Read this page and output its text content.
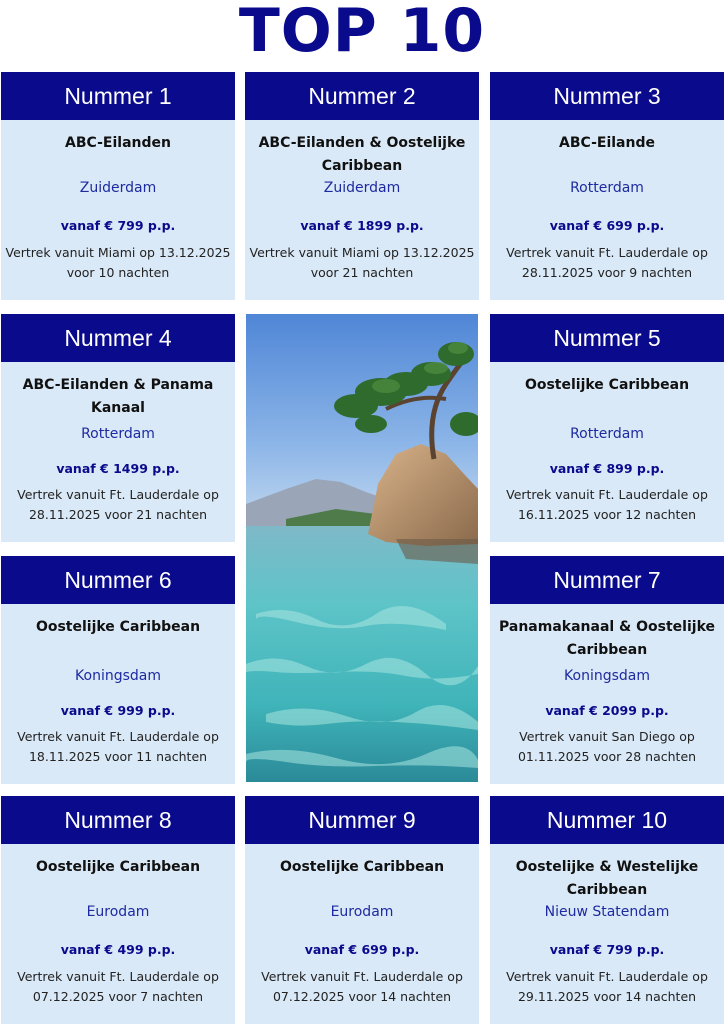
TOP 10
Nummer 1
ABC-Eilanden
Zuiderdam
vanaf € 799 p.p.
Vertrek vanuit Miami op 13.12.2025 voor 10 nachten
Nummer 2
ABC-Eilanden & Oostelijke Caribbean
Zuiderdam
vanaf € 1899 p.p.
Vertrek vanuit Miami op 13.12.2025 voor 21 nachten
Nummer 3
ABC-Eilande
Rotterdam
vanaf € 699 p.p.
Vertrek vanuit Ft. Lauderdale op 28.11.2025 voor 9 nachten
Nummer 4
ABC-Eilanden & Panama Kanaal
Rotterdam
vanaf € 1499 p.p.
Vertrek vanuit Ft. Lauderdale op 28.11.2025 voor 21 nachten
Nummer 5
Oostelijke Caribbean
Rotterdam
vanaf € 899 p.p.
Vertrek vanuit Ft. Lauderdale op 16.11.2025 voor 12 nachten
Nummer 6
Oostelijke Caribbean
Koningsdam
vanaf € 999 p.p.
Vertrek vanuit Ft. Lauderdale op 18.11.2025 voor 11 nachten
Nummer 7
Panamakanaal & Oostelijke Caribbean
Koningsdam
vanaf € 2099 p.p.
Vertrek vanuit San Diego op 01.11.2025 voor 28 nachten
Nummer 8
Oostelijke Caribbean
Eurodam
vanaf € 499 p.p.
Vertrek vanuit Ft. Lauderdale op 07.12.2025 voor 7 nachten
Nummer 9
Oostelijke Caribbean
Eurodam
vanaf € 699 p.p.
Vertrek vanuit Ft. Lauderdale op 07.12.2025 voor 14 nachten
Nummer 10
Oostelijke & Westelijke Caribbean
Nieuw Statendam
vanaf € 799 p.p.
Vertrek vanuit Ft. Lauderdale op 29.11.2025 voor 14 nachten
